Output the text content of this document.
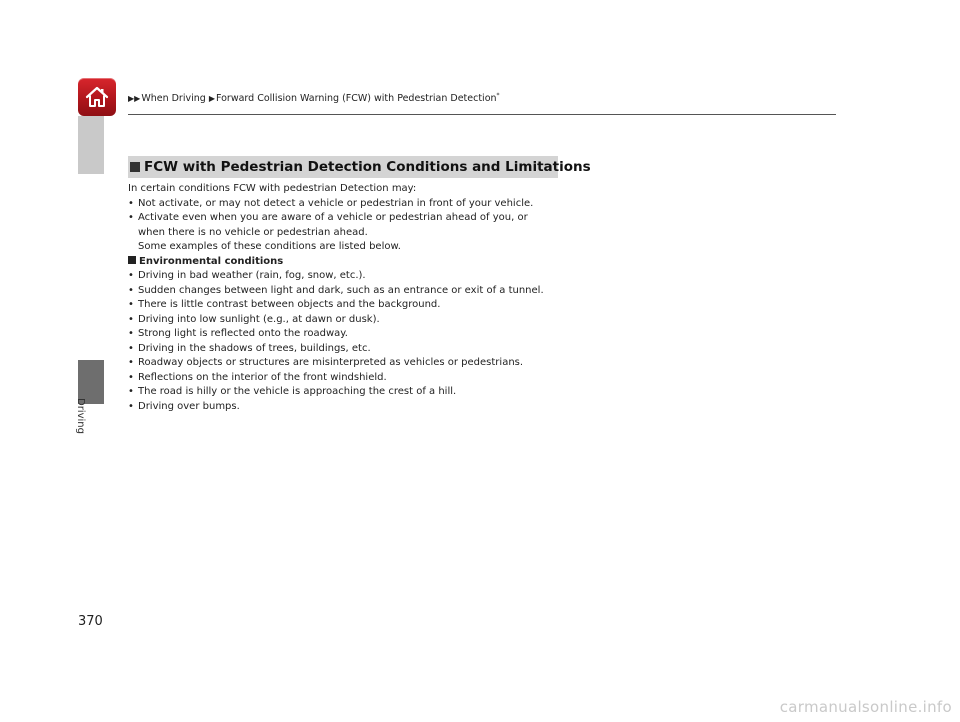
▶▶When Driving ▶Forward Collision Warning (FCW) with Pedestrian Detection*
Driving
FCW with Pedestrian Detection Conditions and Limitations

In certain conditions FCW with pedestrian Detection may:

• Not activate, or may not detect a vehicle or pedestrian in front of your vehicle.

• Activate even when you are aware of a vehicle or pedestrian ahead of you, or

when there is no vehicle or pedestrian ahead.

Some examples of these conditions are listed below.

Environmental conditions

• Driving in bad weather (rain, fog, snow, etc.).

• Sudden changes between light and dark, such as an entrance or exit of a tunnel.

• There is little contrast between objects and the background.

• Driving into low sunlight (e.g., at dawn or dusk).

• Strong light is reflected onto the roadway.

• Driving in the shadows of trees, buildings, etc.

• Roadway objects or structures are misinterpreted as vehicles or pedestrians.

• Reflections on the interior of the front windshield.

• The road is hilly or the vehicle is approaching the crest of a hill.

• Driving over bumps.

370
carmanualsonline.info
